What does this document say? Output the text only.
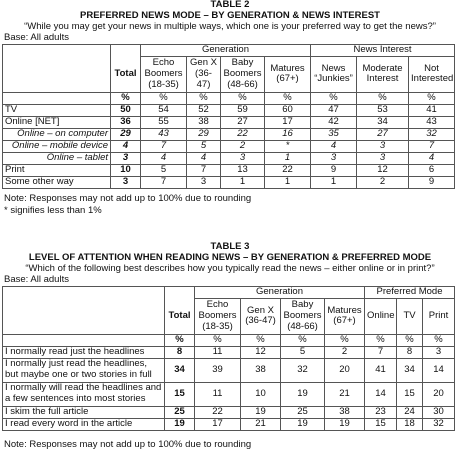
TABLE 2
PREFERRED NEWS MODE – BY GENERATION & NEWS INTEREST
“While you may get your news in multiple ways, which one is your preferred way to get the news?”
Base: All adults
		Generation				News Interest		
	Total	Echo Boomers (18-35)	Gen X (36-47)	Baby Boomers (48-66)	Matures (67+)	News “Junkies”	Moderate Interest	Not Interested
	%	%	%	%	%	%	%	%
TV	50	54	52	59	60	47	53	41
Online [NET]	36	55	38	27	17	42	34	43
Online – on computer	29	43	29	22	16	35	27	32
Online – mobile device	4	7	5	2	*	4	3	7
Online – tablet	3	4	4	3	1	3	3	4
Print	10	5	7	13	22	9	12	6
Some other way	3	7	3	1	1	1	2	9
Note: Responses may not add up to 100% due to rounding
* signifies less than 1%
TABLE 3
LEVEL OF ATTENTION WHEN READING NEWS – BY GENERATION & PREFERRED MODE
“Which of the following best describes how you typically read the news – either online or in print?”
Base: All adults
		Generation				Preferred Mode		
	Total	Echo Boomers (18-35)	Gen X (36-47)	Baby Boomers (48-66)	Matures (67+)	Online	TV	Print
	%	%	%	%	%	%	%	%
I normally read just the headlines	8	11	12	5	2	7	8	3
I normally just read the headlines, but maybe one or two stories in full	34	39	38	32	20	41	34	14
I normally will read the headlines and a few sentences into most stories	15	11	10	19	21	14	15	20
I skim the full article	25	22	19	25	38	23	24	30
I read every word in the article	19	17	21	19	19	15	18	32
Note: Responses may not add up to 100% due to rounding
